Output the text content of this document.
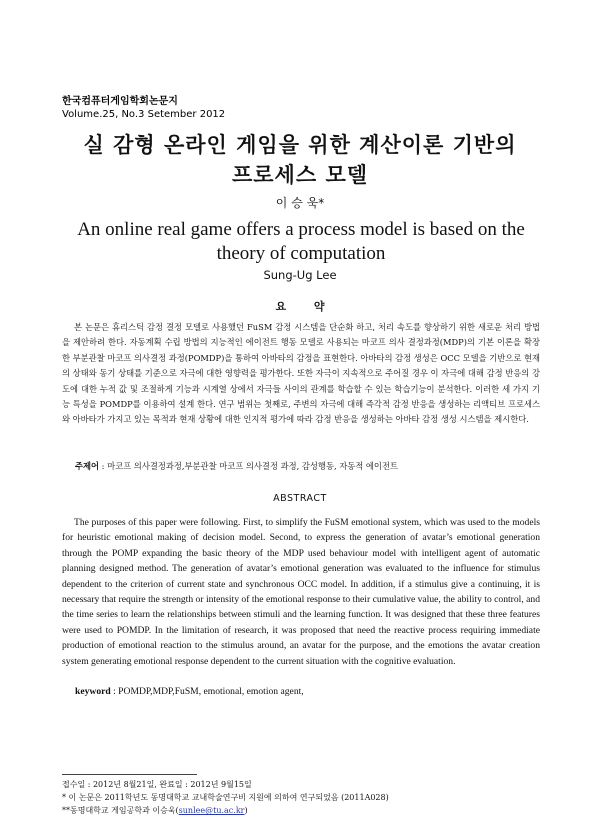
한국컴퓨터게임학회논문지
Volume.25, No.3 Setember 2012
실 감형 온라인 게임을 위한 계산이론 기반의
프로세스 모델
이 승 욱*
An online real game offers a process model is based on the theory of computation
Sung-Ug Lee
요 약

본 논문은 휴리스틱 감정 결정 모델로 사용했던 FuSM 감정 시스템을 단순화 하고, 처리 속도를 향상하기 위한 새로운 처리 방법을 제안하려 한다. 자동계획 수립 방법의 지능적인 에이전트 행동 모델로 사용되는 마코프 의사 결정과정(MDP)의 기본 이론을 확장한 부분관찰 마코프 의사결정 과정(POMDP)을 통하여 아바타의 감정을 표현한다. 아바타의 감정 생성은 OCC 모델을 기반으로 현재의 상태와 동기 상태를 기준으로 자극에 대한 영향력을 평가한다. 또한 자극이 지속적으로 주어질 경우 이 자극에 대해 감정 반응의 강도에 대한 누적 값 및 조절하게 기능과 시계열 상에서 자극들 사이의 관계를 학습할 수 있는 학습기능이 분석한다. 이러한 세 가지 기능 특성을 POMDP를 이용하여 설계 한다. 연구 범위는 첫째로, 주변의 자극에 대해 즉각적 감정 반응을 생성하는 리액티브 프로세스와 아바타가 가지고 있는 목적과 현재 상황에 대한 인지적 평가에 따라 감정 반응을 생성하는 아바타 감정 생성 시스템을 제시한다.

주제어 : 마코프 의사결정과정,부분관찰 마코프 의사결정 과정, 감성행동, 자동적 에이전트

ABSTRACT

The purposes of this paper were following. First, to simplify the FuSM emotional system, which was used to the models for heuristic emotional making of decision model. Second, to express the generation of avatar’s emotional generation through the POMP expanding the basic theory of the MDP used behaviour model with intelligent agent of automatic planning designed method. The generation of avatar’s emotional generation was evaluated to the influence for stimulus dependent to the criterion of current state and synchronous OCC model. In addition, if a stimulus give a continuing, it is necessary that require the strength or intensity of the emotional response to their cumulative value, the ability to control, and the time series to learn the relationships between stimuli and the learning function. It was designed that these three features were used to POMDP. In the limitation of research, it was proposed that need the reactive process requiring immediate production of emotional reaction to the stimulus around, an avatar for the purpose, and the emotions the avatar creation system generating emotional response dependent to the current situation with the cognitive evaluation.

keyword : POMDP,MDP,FuSM, emotional, emotion agent,

접수일 : 2012년 8월21일, 완료일 : 2012년 9월15일
* 이 논문은 2011학년도 동명대학교 교내학술연구비 지원에 의하여 연구되었음 (2011A028)
**동명대학교 게임공학과 이승욱(sunlee@tu.ac.kr)
